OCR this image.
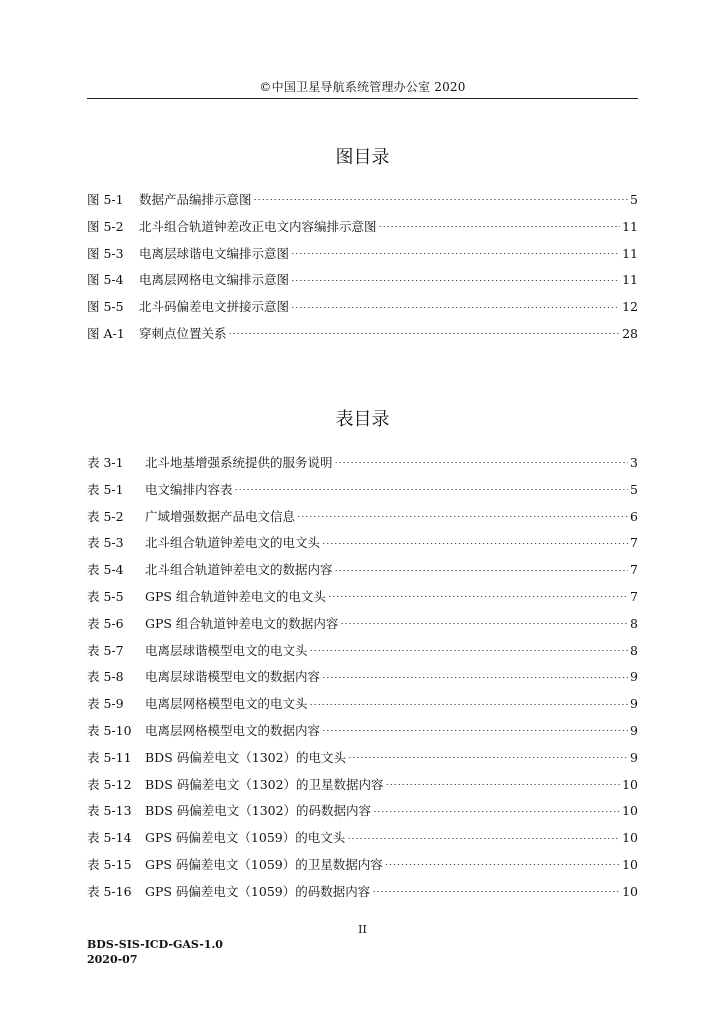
©中国卫星导航系统管理办公室 2020
图目录
图 5-1	数据产品编排示意图 ·····	5
图 5-2	北斗组合轨道钟差改正电文内容编排示意图 ·····	11
图 5-3	电离层球谐电文编排示意图 ·····	11
图 5-4	电离层网格电文编排示意图 ·····	11
图 5-5	北斗码偏差电文拼接示意图 ·····	12
图 A-1	穿刺点位置关系 ·····	28
表目录
表 3-1	北斗地基增强系统提供的服务说明 ·····	3
表 5-1	电文编排内容表 ·····	5
表 5-2	广域增强数据产品电文信息 ·····	6
表 5-3	北斗组合轨道钟差电文的电文头 ·····	7
表 5-4	北斗组合轨道钟差电文的数据内容 ·····	7
表 5-5	GPS 组合轨道钟差电文的电文头 ·····	7
表 5-6	GPS 组合轨道钟差电文的数据内容 ·····	8
表 5-7	电离层球谐模型电文的电文头 ·····	8
表 5-8	电离层球谐模型电文的数据内容 ·····	9
表 5-9	电离层网格模型电文的电文头 ·····	9
表 5-10	电离层网格模型电文的数据内容 ·····	9
表 5-11	BDS 码偏差电文（1302）的电文头 ·····	9
表 5-12	BDS 码偏差电文（1302）的卫星数据内容 ·····	10
表 5-13	BDS 码偏差电文（1302）的码数据内容 ·····	10
表 5-14	GPS 码偏差电文（1059）的电文头 ·····	10
表 5-15	GPS 码偏差电文（1059）的卫星数据内容 ·····	10
表 5-16	GPS 码偏差电文（1059）的码数据内容 ·····	10
II
BDS-SIS-ICD-GAS-1.0
2020-07
